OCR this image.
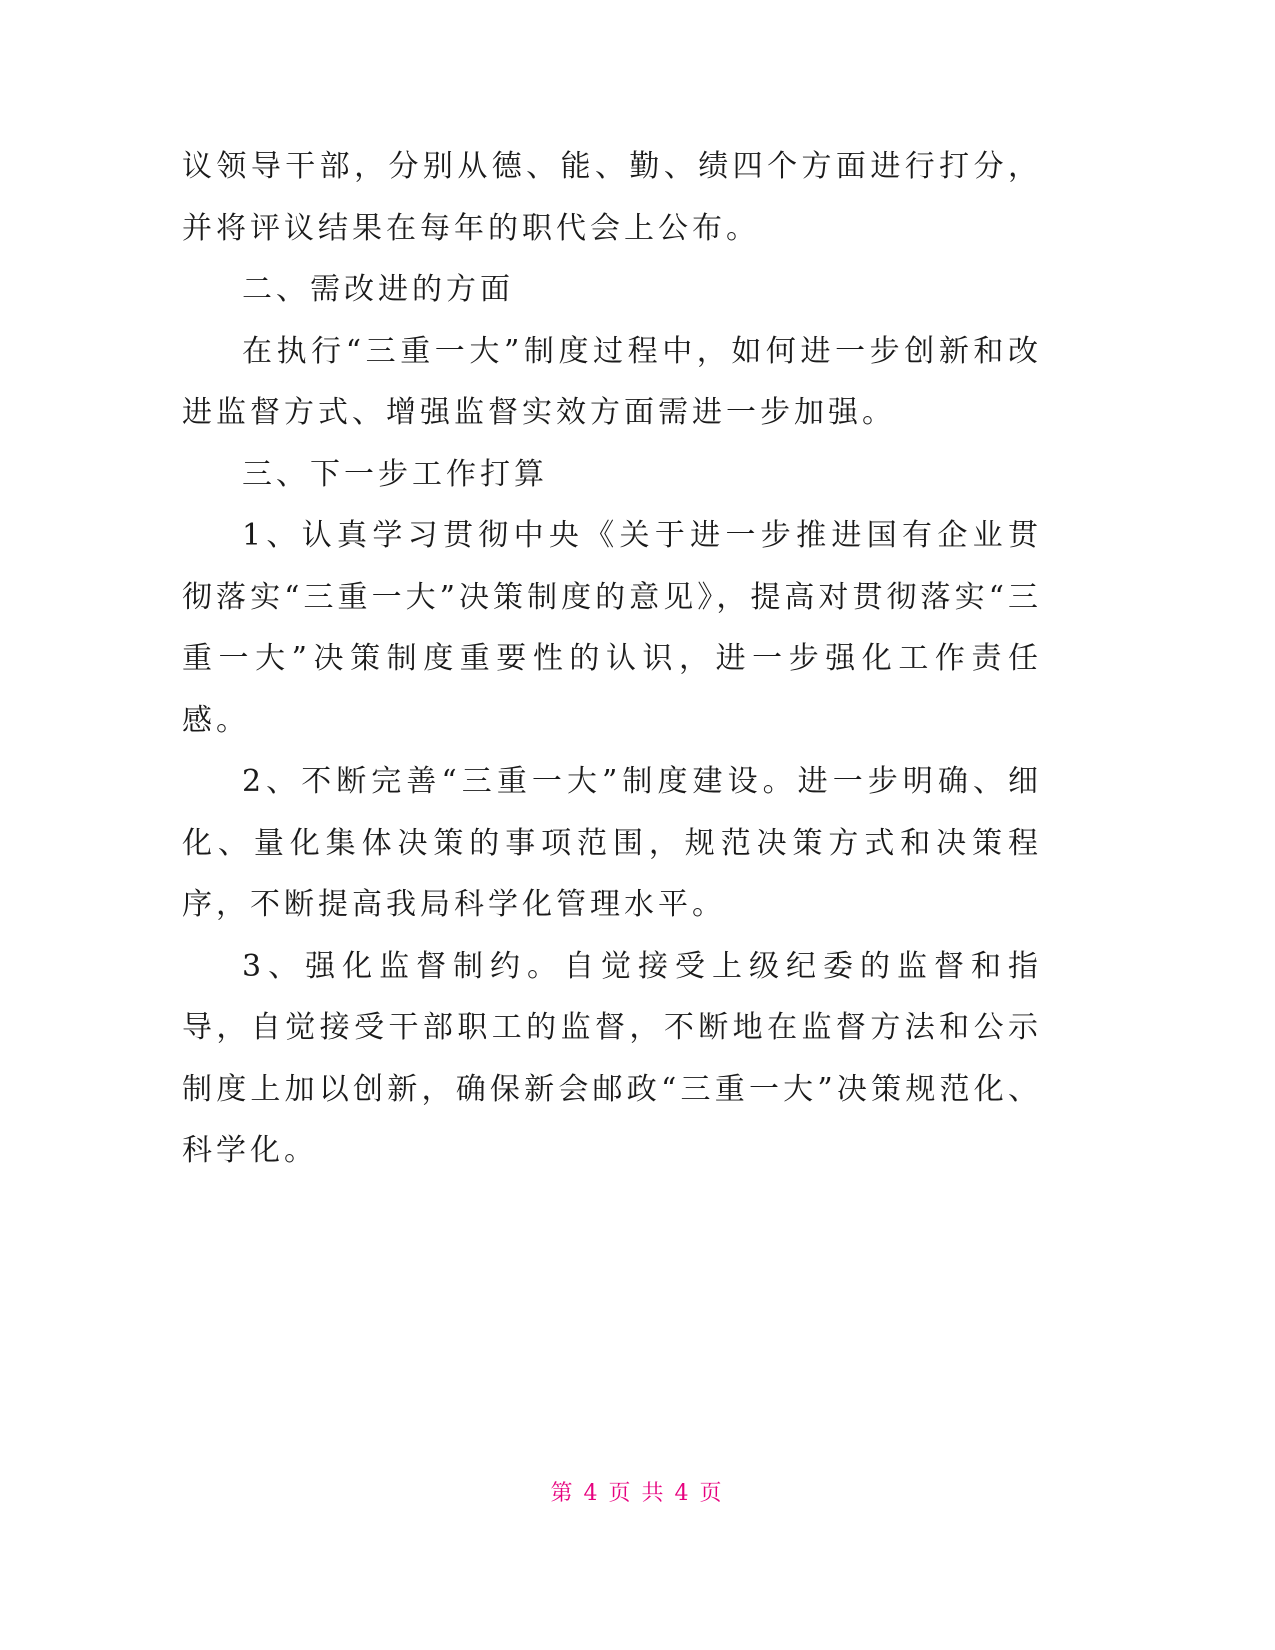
议领导干部，分别从德、能、勤、绩四个方面进行打分，并将评议结果在每年的职代会上公布。

二、需改进的方面

在执行“三重一大”制度过程中，如何进一步创新和改进监督方式、增强监督实效方面需进一步加强。

三、下一步工作打算

1、认真学习贯彻中央《关于进一步推进国有企业贯彻落实“三重一大”决策制度的意见》，提高对贯彻落实“三重一大”决策制度重要性的认识，进一步强化工作责任感。

2、不断完善“三重一大”制度建设。进一步明确、细化、量化集体决策的事项范围，规范决策方式和决策程序，不断提高我局科学化管理水平。

3、强化监督制约。自觉接受上级纪委的监督和指导，自觉接受干部职工的监督，不断地在监督方法和公示制度上加以创新，确保新会邮政“三重一大”决策规范化、科学化。

第 4 页 共 4 页
